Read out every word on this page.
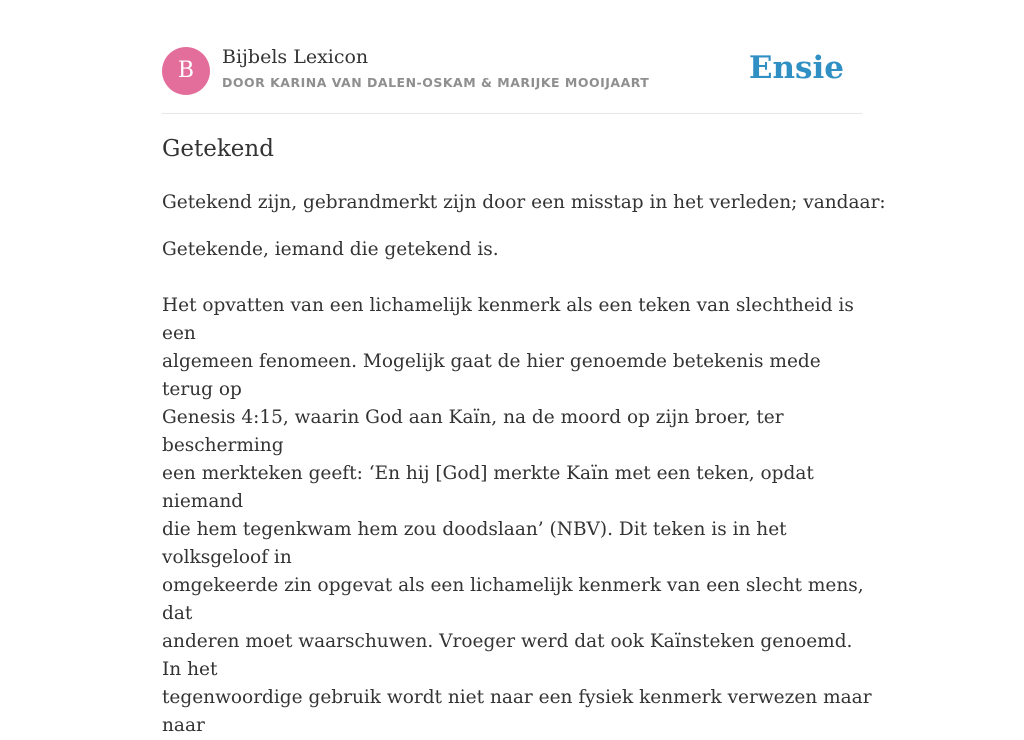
B
Bijbels Lexicon
DOOR KARINA VAN DALEN-OSKAM & MARIJKE MOOIJAART	Ensie
Getekend

Getekend zijn, gebrandmerkt zijn door een misstap in het verleden; vandaar:

Getekende, iemand die getekend is.

Het opvatten van een lichamelijk kenmerk als een teken van slechtheid is een
algemeen fenomeen. Mogelijk gaat de hier genoemde betekenis mede terug op
Genesis 4:15, waarin God aan Kaïn, na de moord op zijn broer, ter bescherming
een merkteken geeft: ‘En hij [God] merkte Kaïn met een teken, opdat niemand
die hem tegenkwam hem zou doodslaan’ (NBV). Dit teken is in het volksgeloof in
omgekeerde zin opgevat als een lichamelijk kenmerk van een slecht mens, dat
anderen moet waarschuwen. Vroeger werd dat ook Kaïnsteken genoemd. In het
tegenwoordige gebruik wordt niet naar een fysiek kenmerk verwezen maar naar
